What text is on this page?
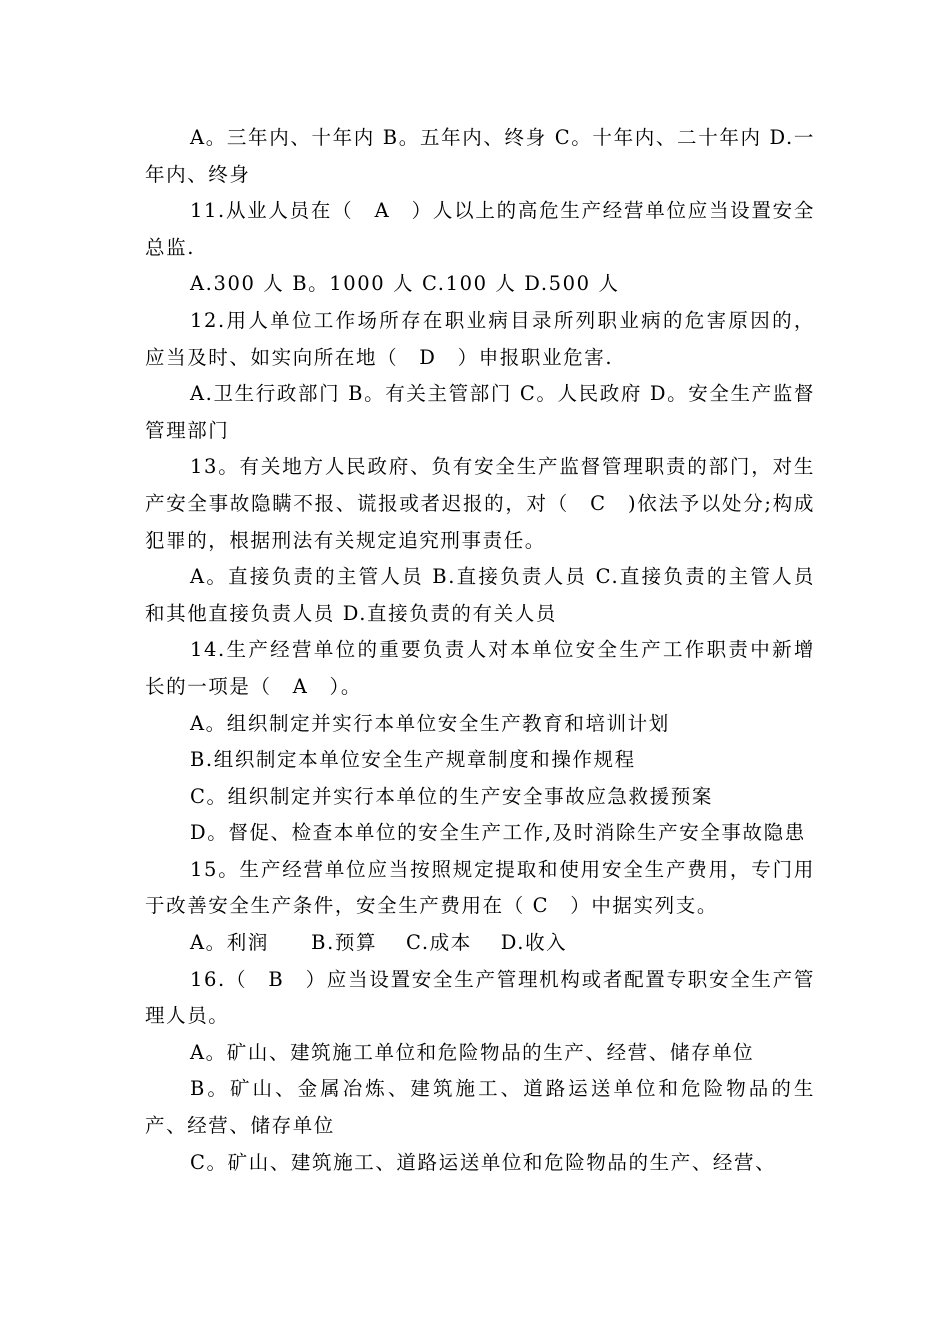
A。三年内、十年内 B。五年内、终身 C。十年内、二十年内 D.一年内、终身

11.从业人员在（　A　）人以上的高危生产经营单位应当设置安全总监.

A.300 人 B。1000 人 C.100 人 D.500 人

12.用人单位工作场所存在职业病目录所列职业病的危害原因的，应当及时、如实向所在地（　D　）申报职业危害.

A.卫生行政部门 B。有关主管部门 C。人民政府 D。安全生产监督管理部门

13。有关地方人民政府、负有安全生产监督管理职责的部门，对生产安全事故隐瞒不报、谎报或者迟报的，对（　C　)依法予以处分;构成犯罪的，根据刑法有关规定追究刑事责任。

A。直接负责的主管人员 B.直接负责人员 C.直接负责的主管人员和其他直接负责人员 D.直接负责的有关人员

14.生产经营单位的重要负责人对本单位安全生产工作职责中新增长的一项是（　A　）。

A。组织制定并实行本单位安全生产教育和培训计划

B.组织制定本单位安全生产规章制度和操作规程

C。组织制定并实行本单位的生产安全事故应急救援预案

D。督促、检查本单位的安全生产工作,及时消除生产安全事故隐患

15。生产经营单位应当按照规定提取和使用安全生产费用，专门用于改善安全生产条件，安全生产费用在（ C　）中据实列支。

A。利润　　B.预算　 C.成本　 D.收入

16.（　B　）应当设置安全生产管理机构或者配置专职安全生产管理人员。

A。矿山、建筑施工单位和危险物品的生产、经营、储存单位

B。矿山、金属冶炼、建筑施工、道路运送单位和危险物品的生产、经营、储存单位

C。矿山、建筑施工、道路运送单位和危险物品的生产、经营、
